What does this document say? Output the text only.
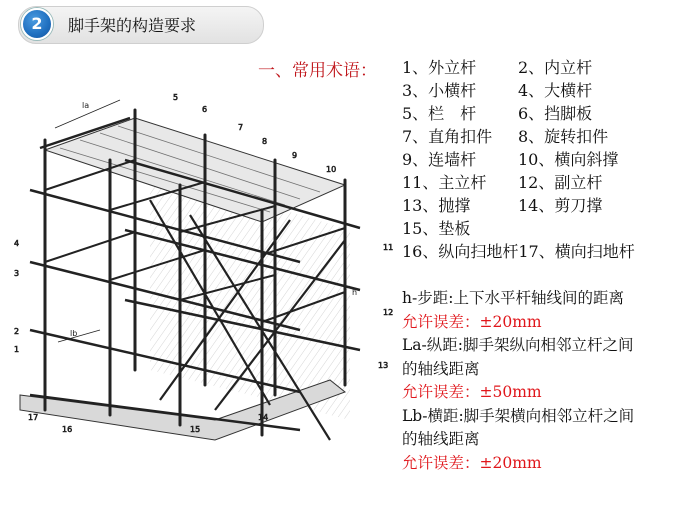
2	脚手架的构造要求
la
lb
h
1
2
3
4
5
6
7
8
9
10
11
12
13
14
15
16
17
一、常用术语： 1、外立杆	2、内立杆
3、小横杆	4、大横杆
5、栏　杆	6、挡脚板
7、直角扣件	8、旋转扣件
9、连墙杆	10、横向斜撑
11、主立杆	12、副立杆
13、抛撑	14、剪刀撑
15、垫板
16、纵向扫地杆17、横向扫地杆
h-步距:上下水平杆轴线间的距离
允许误差：±20mm
La-纵距:脚手架纵向相邻立杆之间
的轴线距离
允许误差：±50mm
Lb-横距:脚手架横向相邻立杆之间
的轴线距离
允许误差：±20mm
